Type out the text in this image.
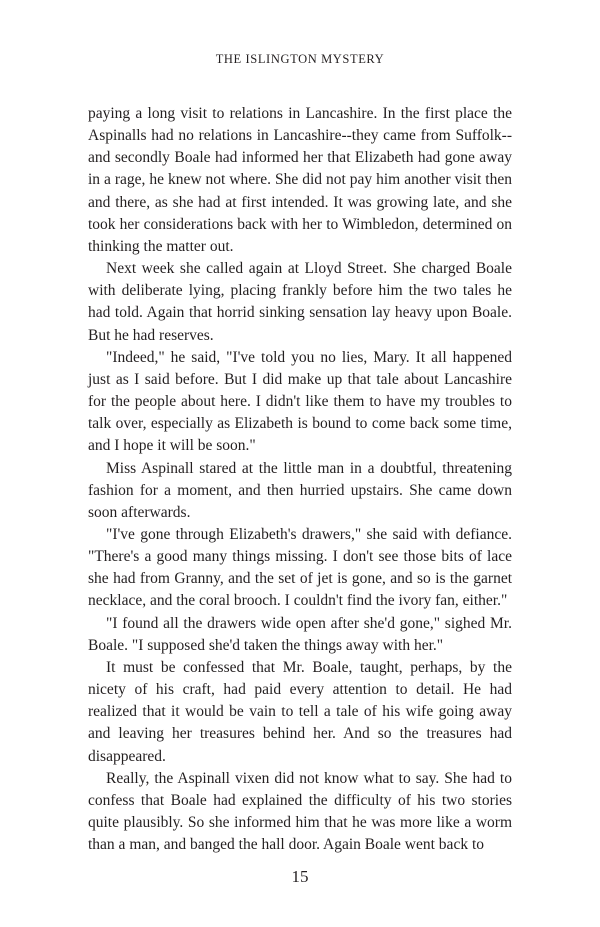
THE ISLINGTON MYSTERY

paying a long visit to relations in Lancashire. In the first place the Aspinalls had no relations in Lancashire--they came from Suffolk--and secondly Boale had informed her that Elizabeth had gone away in a rage, he knew not where. She did not pay him another visit then and there, as she had at first intended. It was growing late, and she took her considerations back with her to Wimbledon, determined on thinking the matter out.

Next week she called again at Lloyd Street. She charged Boale with deliberate lying, placing frankly before him the two tales he had told. Again that horrid sinking sensation lay heavy upon Boale. But he had reserves.

"Indeed," he said, "I've told you no lies, Mary. It all happened just as I said before. But I did make up that tale about Lancashire for the people about here. I didn't like them to have my troubles to talk over, especially as Elizabeth is bound to come back some time, and I hope it will be soon."

Miss Aspinall stared at the little man in a doubtful, threatening fashion for a moment, and then hurried upstairs. She came down soon afterwards.

"I've gone through Elizabeth's drawers," she said with defiance. "There's a good many things missing. I don't see those bits of lace she had from Granny, and the set of jet is gone, and so is the garnet necklace, and the coral brooch. I couldn't find the ivory fan, either."

"I found all the drawers wide open after she'd gone," sighed Mr. Boale. "I supposed she'd taken the things away with her."

It must be confessed that Mr. Boale, taught, perhaps, by the nicety of his craft, had paid every attention to detail. He had realized that it would be vain to tell a tale of his wife going away and leaving her treasures behind her. And so the treasures had disappeared.

Really, the Aspinall vixen did not know what to say. She had to confess that Boale had explained the difficulty of his two stories quite plausibly. So she informed him that he was more like a worm than a man, and banged the hall door. Again Boale went back to

15
